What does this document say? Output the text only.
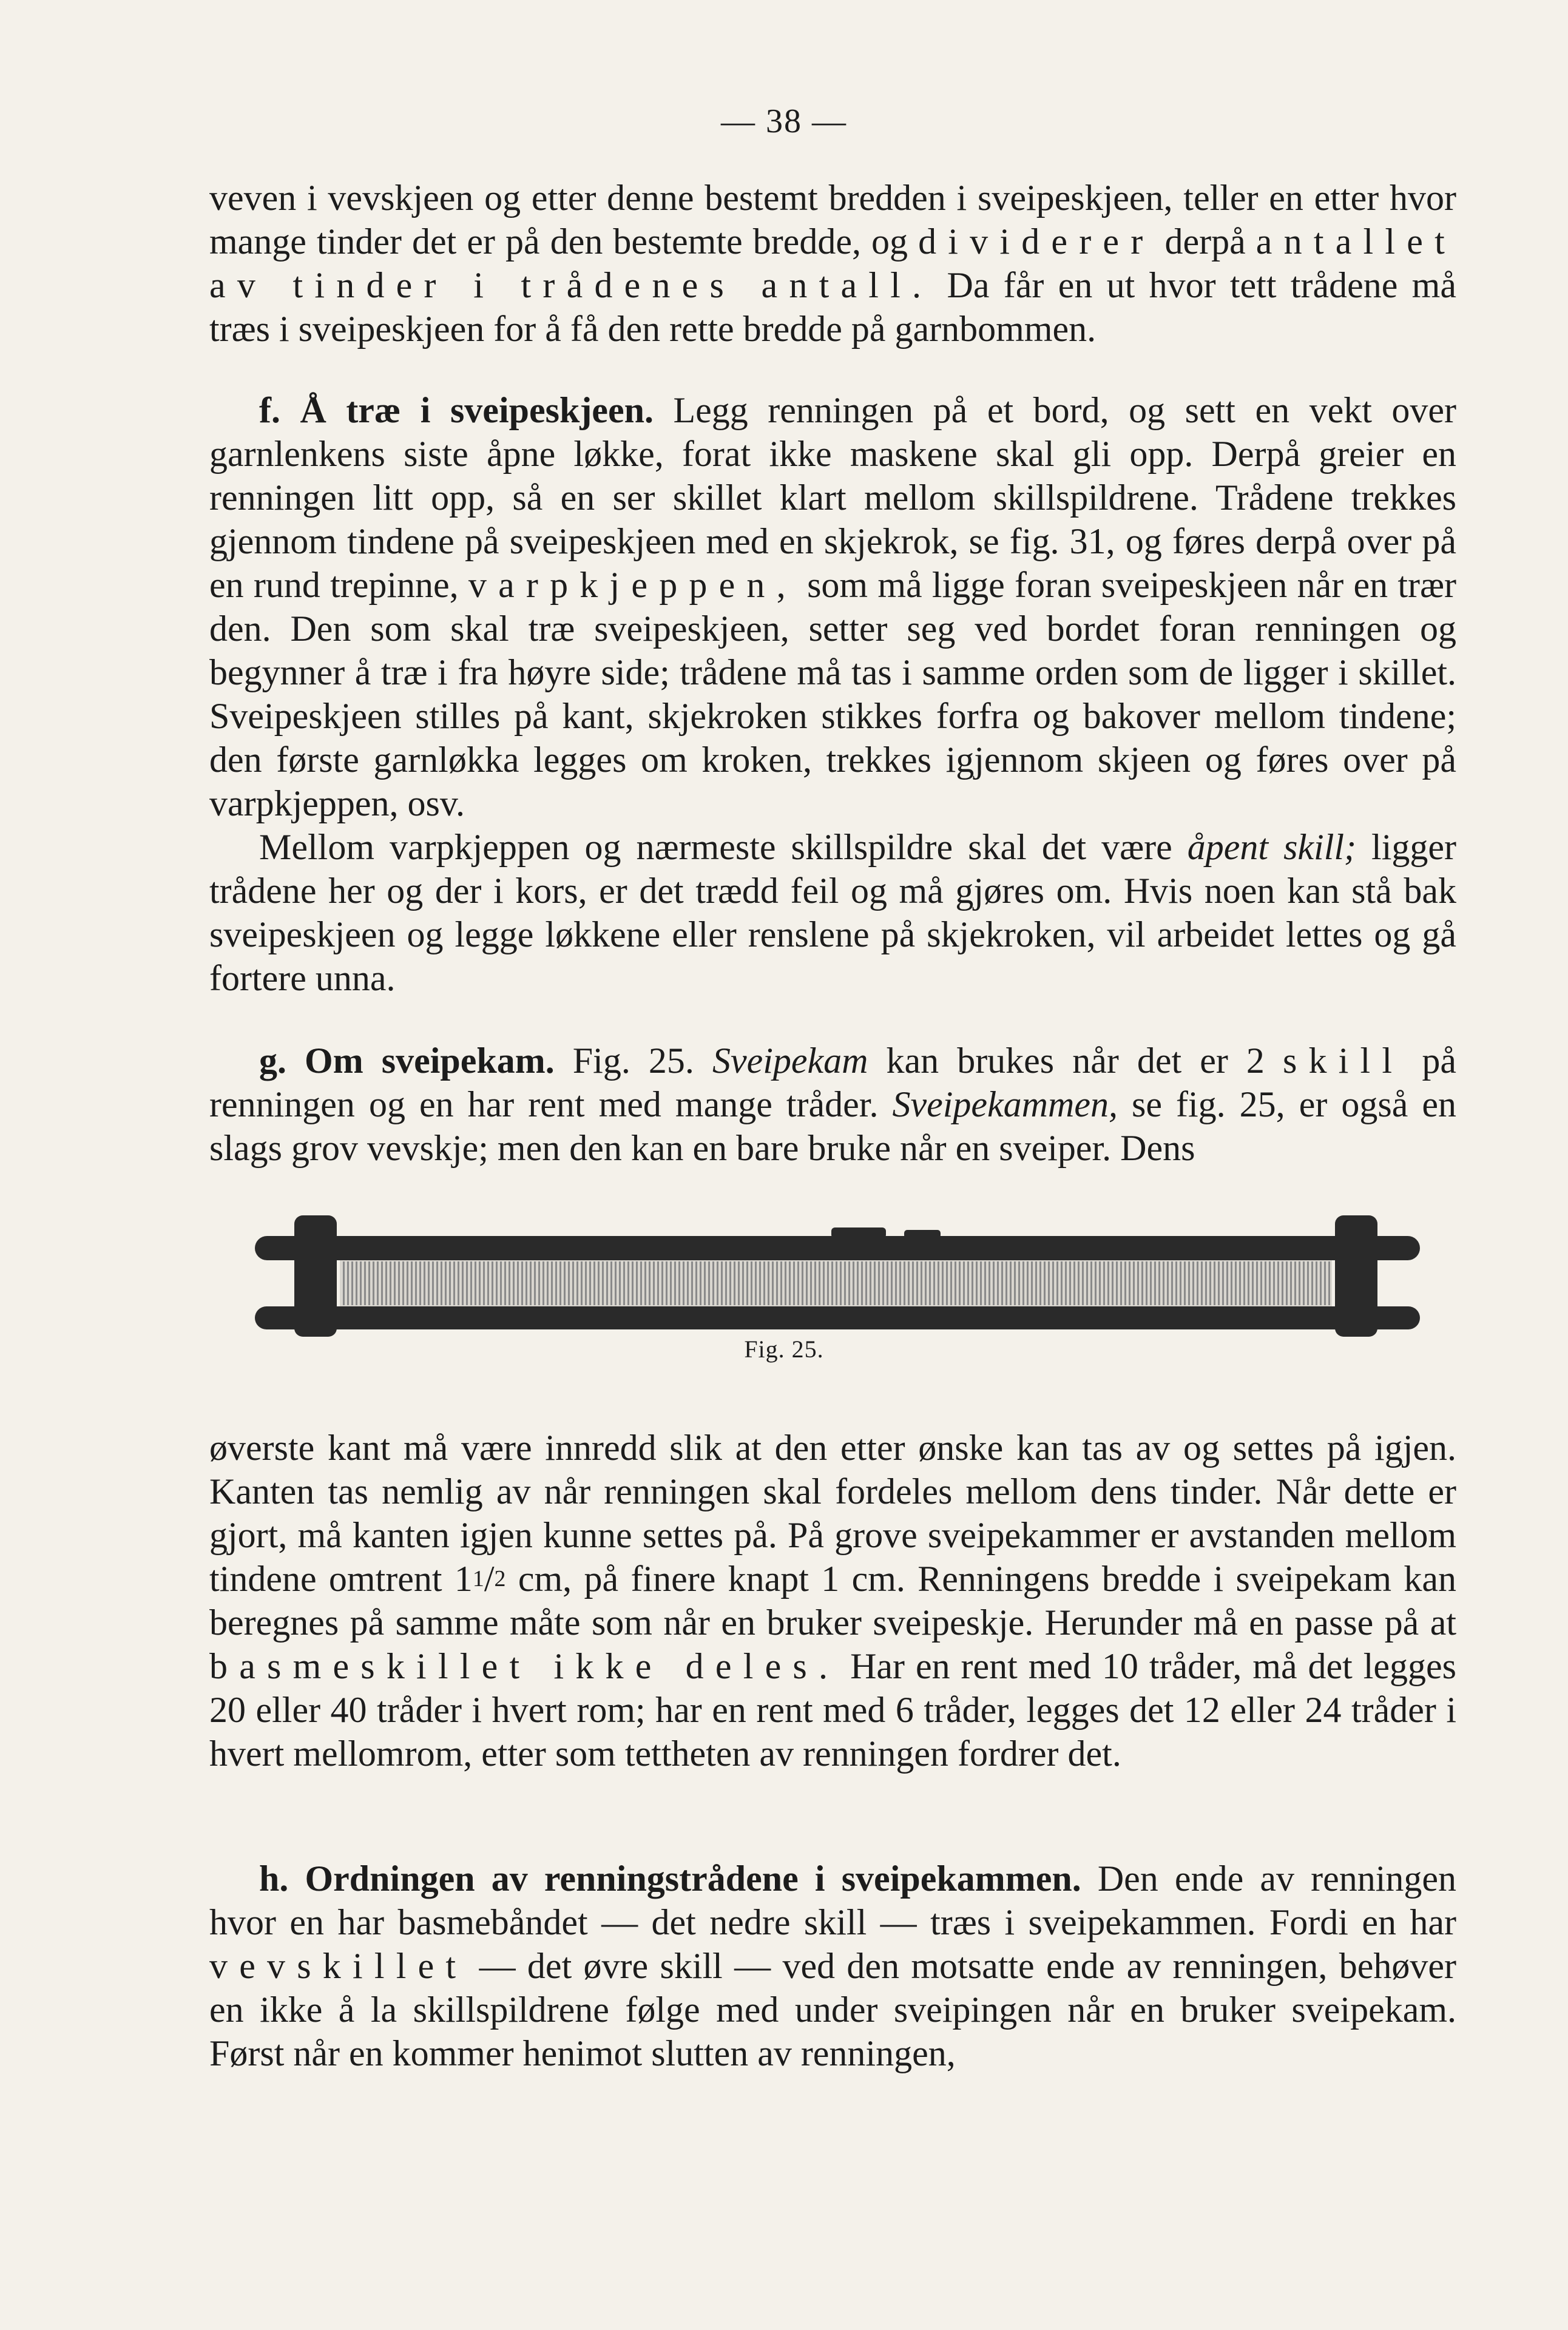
— 38 —

veven i vevskjeen og etter denne bestemt bredden i sveipeskjeen, teller en etter hvor mange tinder det er på den bestemte bredde, og dividerer derpå antallet av tinder i trådenes antall. Da får en ut hvor tett trådene må træs i sveipeskjeen for å få den rette bredde på garnbommen.

f. Å træ i sveipeskjeen. Legg renningen på et bord, og sett en vekt over garnlenkens siste åpne løkke, forat ikke maskene skal gli opp. Derpå greier en renningen litt opp, så en ser skillet klart mellom skillspildrene. Trådene trekkes gjennom tindene på sveipeskjeen med en skjekrok, se fig. 31, og føres derpå over på en rund trepinne, varpkjeppen, som må ligge foran sveipeskjeen når en trær den. Den som skal træ sveipeskjeen, setter seg ved bordet foran renningen og begynner å træ i fra høyre side; trådene må tas i samme orden som de ligger i skillet. Sveipeskjeen stilles på kant, skjekroken stikkes forfra og bakover mellom tindene; den første garnløkka legges om kroken, trekkes igjennom skjeen og føres over på varpkjeppen, osv.

Mellom varpkjeppen og nærmeste skillspildre skal det være åpent skill; ligger trådene her og der i kors, er det trædd feil og må gjøres om. Hvis noen kan stå bak sveipeskjeen og legge løkkene eller renslene på skjekroken, vil arbeidet lettes og gå fortere unna.

g. Om sveipekam. Fig. 25. Sveipekam kan brukes når det er 2 skill på renningen og en har rent med mange tråder. Sveipekammen, se fig. 25, er også en slags grov vevskje; men den kan en bare bruke når en sveiper. Dens

Fig. 25.

øverste kant må være innredd slik at den etter ønske kan tas av og settes på igjen. Kanten tas nemlig av når renningen skal fordeles mellom dens tinder. Når dette er gjort, må kanten igjen kunne settes på. På grove sveipekammer er avstanden mellom tindene omtrent $1^1/2$ cm, på finere knapt 1 cm. Renningens bredde i sveipekam kan beregnes på samme måte som når en bruker sveipeskje. Herunder må en passe på at basmeskillet ikke deles. Har en rent med 10 tråder, må det legges 20 eller 40 tråder i hvert rom; har en rent med 6 tråder, legges det 12 eller 24 tråder i hvert mellomrom, etter som tettheten av renningen fordrer det.

h. Ordningen av renningstrådene i sveipekammen. Den ende av renningen hvor en har basmebåndet — det nedre skill — træs i sveipekammen. Fordi en har vevskillet — det øvre skill — ved den motsatte ende av renningen, behøver en ikke å la skillspildrene følge med under sveipingen når en bruker sveipekam. Først når en kommer henimot slutten av renningen,
